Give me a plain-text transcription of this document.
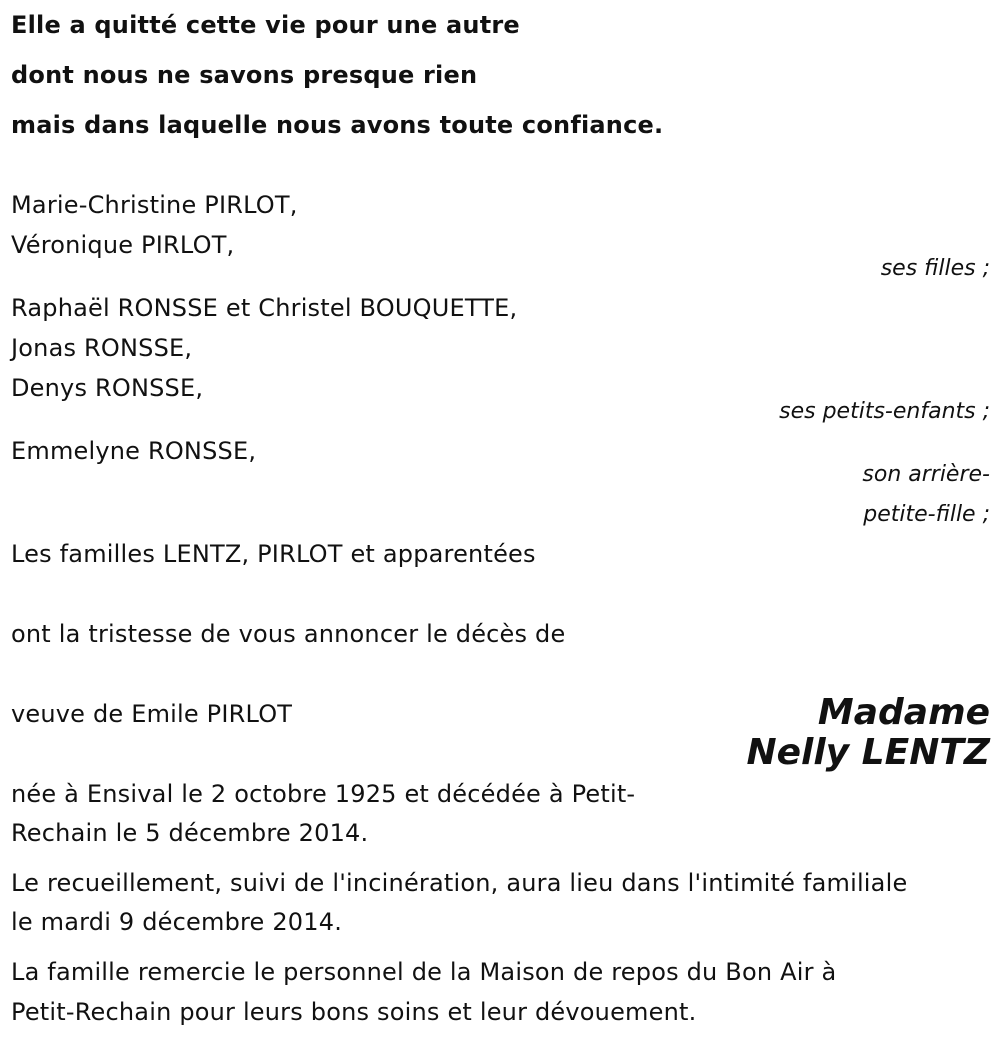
Elle a quitté cette vie pour une autre
dont nous ne savons presque rien
mais dans laquelle nous avons toute confiance.
Marie-Christine PIRLOT,
Véronique PIRLOT,
ses filles ;
Raphaël RONSSE et Christel BOUQUETTE,
Jonas RONSSE,
Denys RONSSE,
ses petits-enfants ;
Emmelyne RONSSE,
son arrière-
petite-fille ;
Les familles LENTZ, PIRLOT et apparentées
ont la tristesse de vous annoncer le décès de
veuve de Emile PIRLOT	Madame
Nelly LENTZ
née à Ensival le 2 octobre 1925 et décédée à Petit-
Rechain le 5 décembre 2014.
Le recueillement, suivi de l'incinération, aura lieu dans l'intimité familiale
le mardi 9 décembre 2014.
La famille remercie le personnel de la Maison de repos du Bon Air à
Petit-Rechain pour leurs bons soins et leur dévouement.
